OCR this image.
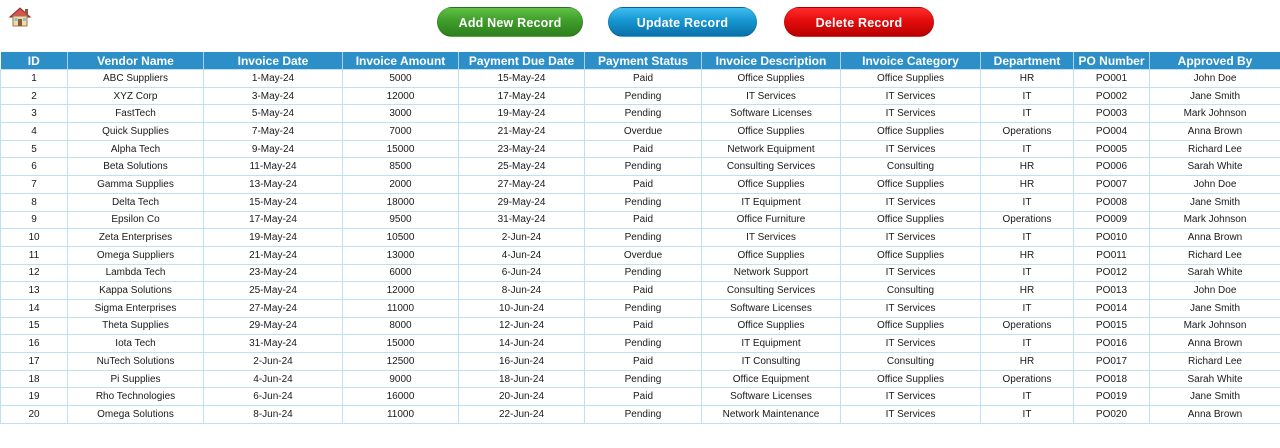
Add New Record	Update Record	Delete Record
ID	Vendor Name	Invoice Date	Invoice Amount	Payment Due Date	Payment Status	Invoice Description	Invoice Category	Department	PO Number	Approved By
1	ABC Suppliers	1-May-24	5000	15-May-24	Paid	Office Supplies	Office Supplies	HR	PO001	John Doe
2	XYZ Corp	3-May-24	12000	17-May-24	Pending	IT Services	IT Services	IT	PO002	Jane Smith
3	FastTech	5-May-24	3000	19-May-24	Pending	Software Licenses	IT Services	IT	PO003	Mark Johnson
4	Quick Supplies	7-May-24	7000	21-May-24	Overdue	Office Supplies	Office Supplies	Operations	PO004	Anna Brown
5	Alpha Tech	9-May-24	15000	23-May-24	Paid	Network Equipment	IT Services	IT	PO005	Richard Lee
6	Beta Solutions	11-May-24	8500	25-May-24	Pending	Consulting Services	Consulting	HR	PO006	Sarah White
7	Gamma Supplies	13-May-24	2000	27-May-24	Paid	Office Supplies	Office Supplies	HR	PO007	John Doe
8	Delta Tech	15-May-24	18000	29-May-24	Pending	IT Equipment	IT Services	IT	PO008	Jane Smith
9	Epsilon Co	17-May-24	9500	31-May-24	Paid	Office Furniture	Office Supplies	Operations	PO009	Mark Johnson
10	Zeta Enterprises	19-May-24	10500	2-Jun-24	Pending	IT Services	IT Services	IT	PO010	Anna Brown
11	Omega Suppliers	21-May-24	13000	4-Jun-24	Overdue	Office Supplies	Office Supplies	HR	PO011	Richard Lee
12	Lambda Tech	23-May-24	6000	6-Jun-24	Pending	Network Support	IT Services	IT	PO012	Sarah White
13	Kappa Solutions	25-May-24	12000	8-Jun-24	Paid	Consulting Services	Consulting	HR	PO013	John Doe
14	Sigma Enterprises	27-May-24	11000	10-Jun-24	Pending	Software Licenses	IT Services	IT	PO014	Jane Smith
15	Theta Supplies	29-May-24	8000	12-Jun-24	Paid	Office Supplies	Office Supplies	Operations	PO015	Mark Johnson
16	Iota Tech	31-May-24	15000	14-Jun-24	Pending	IT Equipment	IT Services	IT	PO016	Anna Brown
17	NuTech Solutions	2-Jun-24	12500	16-Jun-24	Paid	IT Consulting	Consulting	HR	PO017	Richard Lee
18	Pi Supplies	4-Jun-24	9000	18-Jun-24	Pending	Office Equipment	Office Supplies	Operations	PO018	Sarah White
19	Rho Technologies	6-Jun-24	16000	20-Jun-24	Paid	Software Licenses	IT Services	IT	PO019	Jane Smith
20	Omega Solutions	8-Jun-24	11000	22-Jun-24	Pending	Network Maintenance	IT Services	IT	PO020	Anna Brown
